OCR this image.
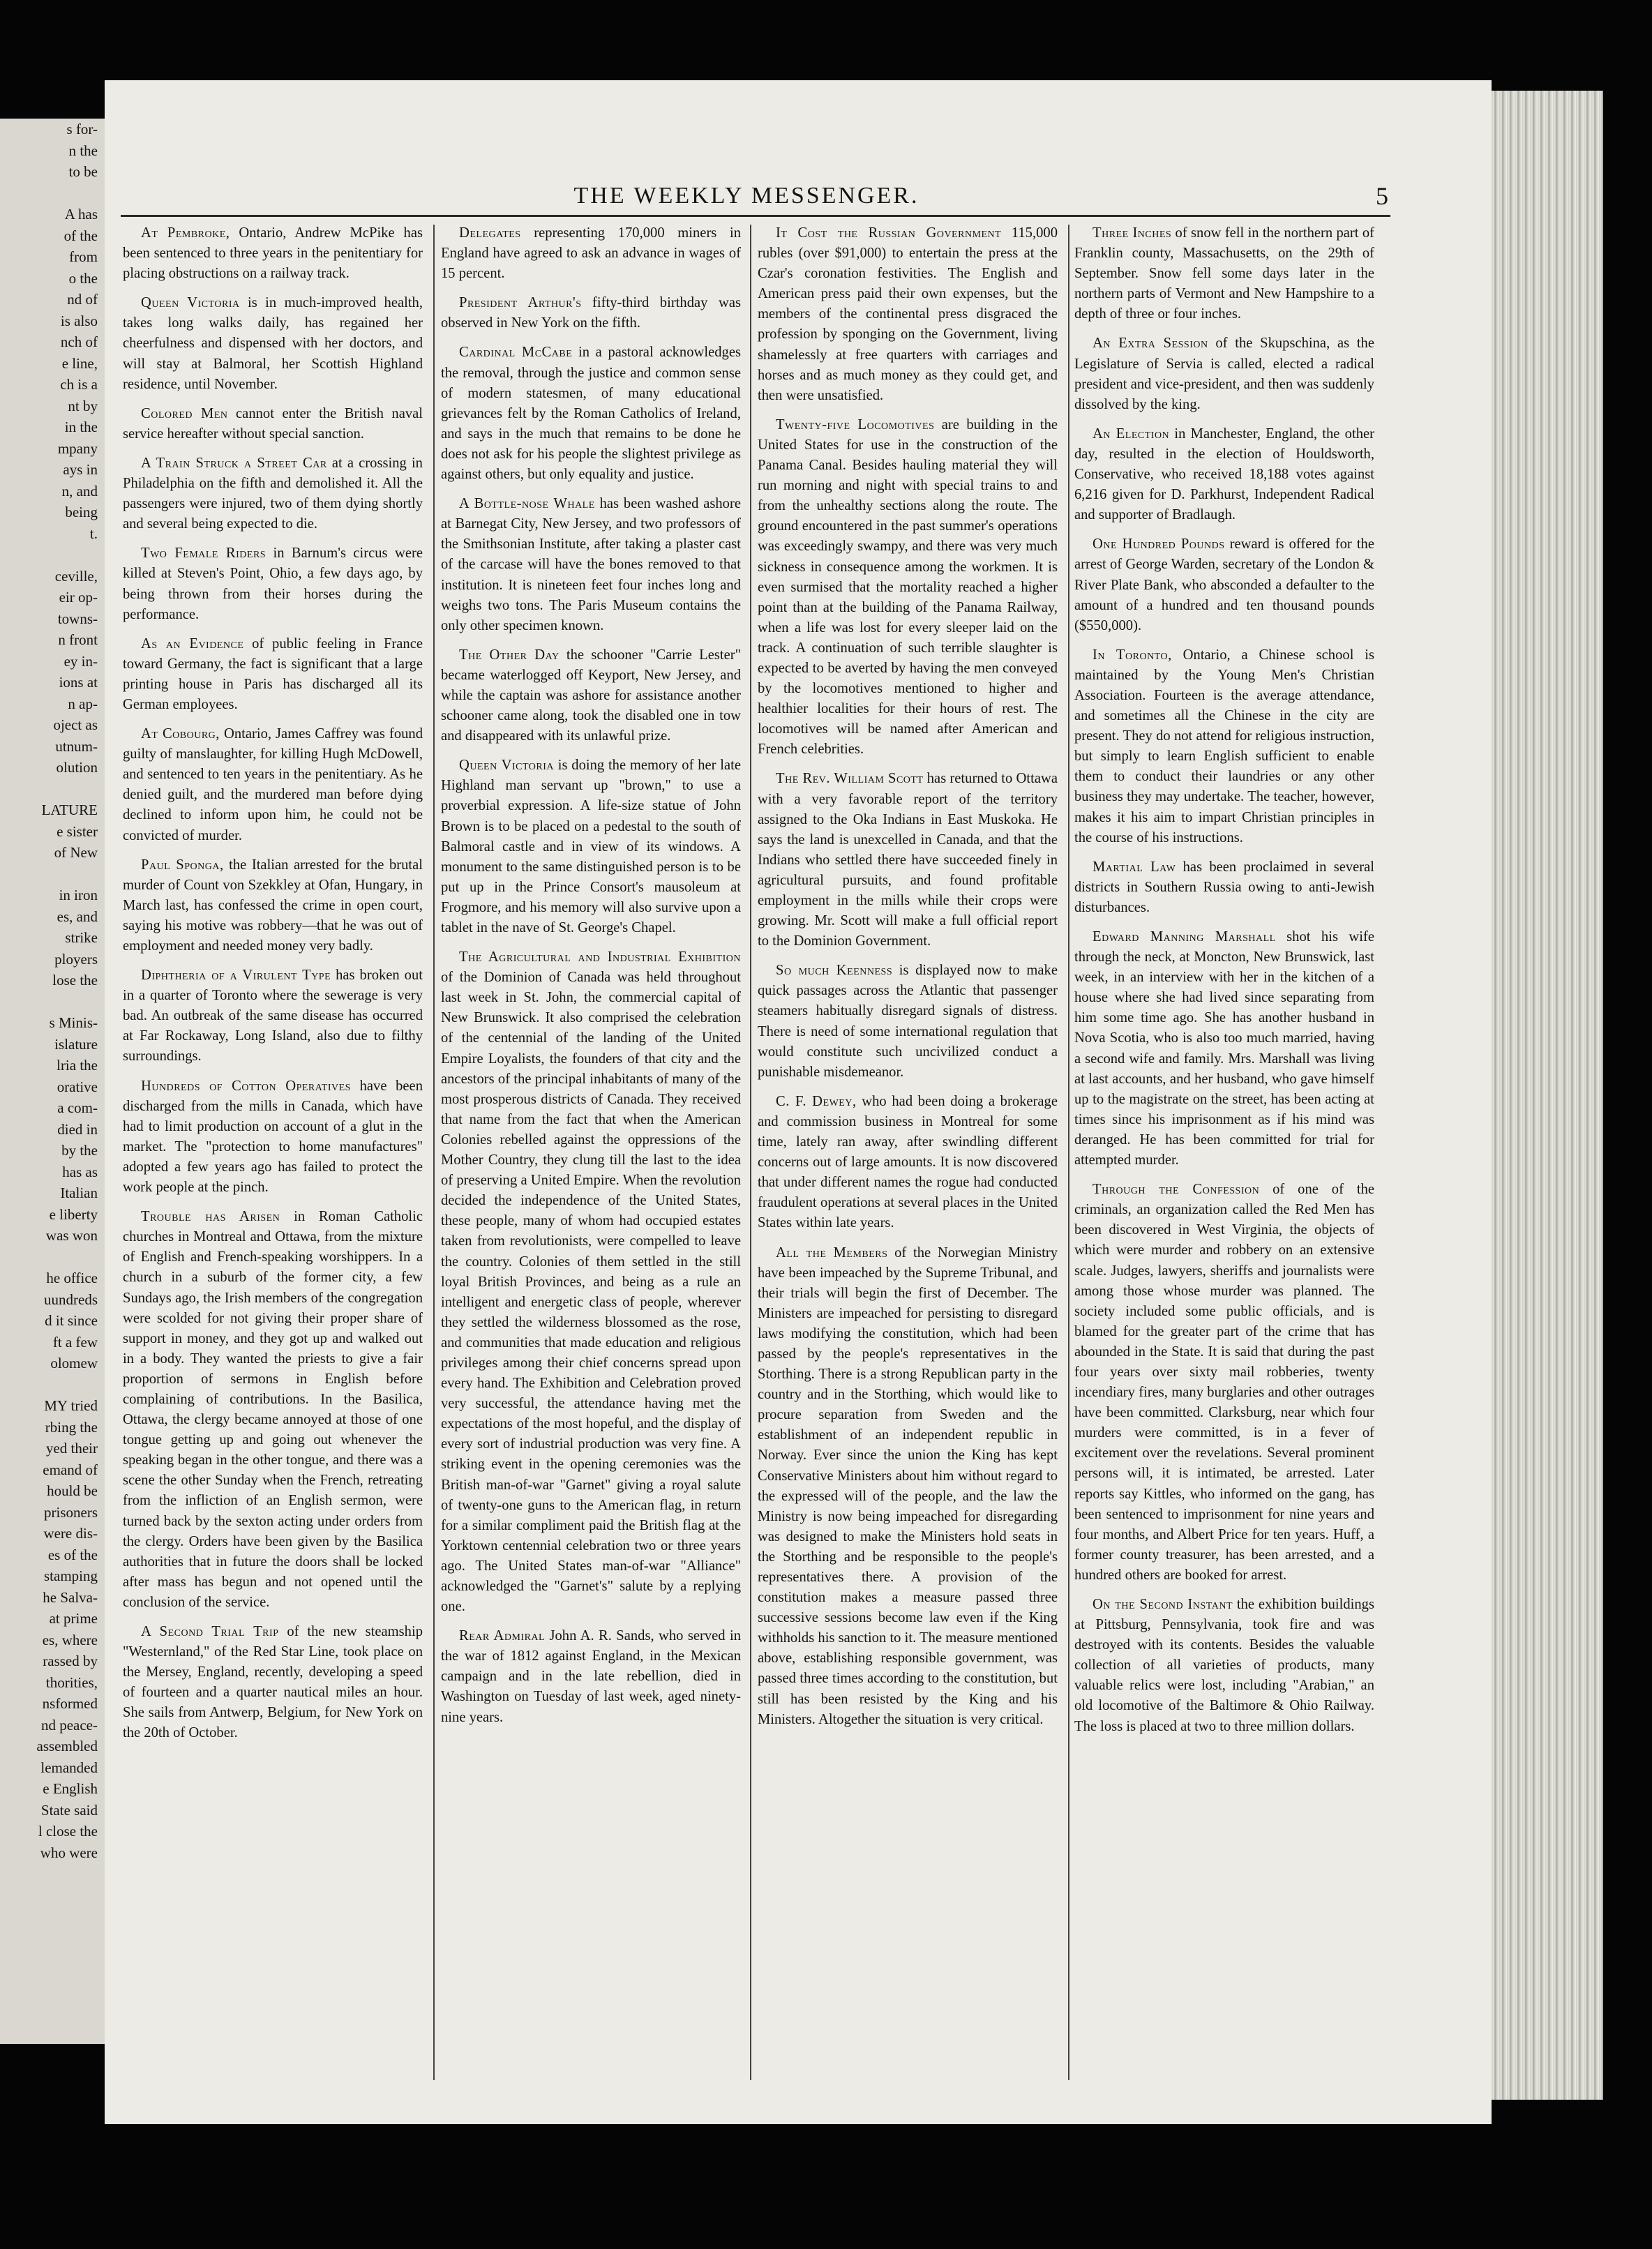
s for-
n the
to be

A has
of the
from
o the
nd of
is also
nch of
e line,
ch is a
nt by
in the
mpany
ays in
n, and
being
t.

ceville,
eir op-
towns-
n front
ey in-
ions at
n ap-
oject as
utnum-
olution

LATURE
e sister
of New

in iron
es, and
strike
ployers
lose the

s Minis-
islature
lria the
orative
a com-
died in
by the
has as
Italian
e liberty
was won

he office
uundreds
d it since
ft a few
olomew

MY tried
rbing the
yed their
emand of
hould be
prisoners
were dis-
es of the
stamping
he Salva-
at prime
es, where
rassed by
thorities,
nsformed
nd peace-
assembled
lemanded
e English
State said
l close the
who were
THE WEEKLY MESSENGER.	5

At Pembroke, Ontario, Andrew McPike has been sentenced to three years in the penitentiary for placing obstructions on a railway track.

Queen Victoria is in much-improved health, takes long walks daily, has regained her cheerfulness and dispensed with her doctors, and will stay at Balmoral, her Scottish Highland residence, until November.

Colored Men cannot enter the British naval service hereafter without special sanction.

A Train Struck a Street Car at a crossing in Philadelphia on the fifth and demolished it. All the passengers were injured, two of them dying shortly and several being expected to die.

Two Female Riders in Barnum's circus were killed at Steven's Point, Ohio, a few days ago, by being thrown from their horses during the performance.

As an Evidence of public feeling in France toward Germany, the fact is significant that a large printing house in Paris has discharged all its German employees.

At Cobourg, Ontario, James Caffrey was found guilty of manslaughter, for killing Hugh McDowell, and sentenced to ten years in the penitentiary. As he denied guilt, and the murdered man before dying declined to inform upon him, he could not be convicted of murder.

Paul Sponga, the Italian arrested for the brutal murder of Count von Szekkley at Ofan, Hungary, in March last, has confessed the crime in open court, saying his motive was robbery—that he was out of employment and needed money very badly.

Diphtheria of a Virulent Type has broken out in a quarter of Toronto where the sewerage is very bad. An outbreak of the same disease has occurred at Far Rockaway, Long Island, also due to filthy surroundings.

Hundreds of Cotton Operatives have been discharged from the mills in Canada, which have had to limit production on account of a glut in the market. The "protection to home manufactures" adopted a few years ago has failed to protect the work people at the pinch.

Trouble has Arisen in Roman Catholic churches in Montreal and Ottawa, from the mixture of English and French-speaking worshippers. In a church in a suburb of the former city, a few Sundays ago, the Irish members of the congregation were scolded for not giving their proper share of support in money, and they got up and walked out in a body. They wanted the priests to give a fair proportion of sermons in English before complaining of contributions. In the Basilica, Ottawa, the clergy became annoyed at those of one tongue getting up and going out whenever the speaking began in the other tongue, and there was a scene the other Sunday when the French, retreating from the infliction of an English sermon, were turned back by the sexton acting under orders from the clergy. Orders have been given by the Basilica authorities that in future the doors shall be locked after mass has begun and not opened until the conclusion of the service.

A Second Trial Trip of the new steamship "Westernland," of the Red Star Line, took place on the Mersey, England, recently, developing a speed of fourteen and a quarter nautical miles an hour. She sails from Antwerp, Belgium, for New York on the 20th of October.

Delegates representing 170,000 miners in England have agreed to ask an advance in wages of 15 percent.

President Arthur's fifty-third birthday was observed in New York on the fifth.

Cardinal McCabe in a pastoral acknowledges the removal, through the justice and common sense of modern statesmen, of many educational grievances felt by the Roman Catholics of Ireland, and says in the much that remains to be done he does not ask for his people the slightest privilege as against others, but only equality and justice.

A Bottle-nose Whale has been washed ashore at Barnegat City, New Jersey, and two professors of the Smithsonian Institute, after taking a plaster cast of the carcase will have the bones removed to that institution. It is nineteen feet four inches long and weighs two tons. The Paris Museum contains the only other specimen known.

The Other Day the schooner "Carrie Lester" became waterlogged off Keyport, New Jersey, and while the captain was ashore for assistance another schooner came along, took the disabled one in tow and disappeared with its unlawful prize.

Queen Victoria is doing the memory of her late Highland man servant up "brown," to use a proverbial expression. A life-size statue of John Brown is to be placed on a pedestal to the south of Balmoral castle and in view of its windows. A monument to the same distinguished person is to be put up in the Prince Consort's mausoleum at Frogmore, and his memory will also survive upon a tablet in the nave of St. George's Chapel.

The Agricultural and Industrial Exhibition of the Dominion of Canada was held throughout last week in St. John, the commercial capital of New Brunswick. It also comprised the celebration of the centennial of the landing of the United Empire Loyalists, the founders of that city and the ancestors of the principal inhabitants of many of the most prosperous districts of Canada. They received that name from the fact that when the American Colonies rebelled against the oppressions of the Mother Country, they clung till the last to the idea of preserving a United Empire. When the revolution decided the independence of the United States, these people, many of whom had occupied estates taken from revolutionists, were compelled to leave the country. Colonies of them settled in the still loyal British Provinces, and being as a rule an intelligent and energetic class of people, wherever they settled the wilderness blossomed as the rose, and communities that made education and religious privileges among their chief concerns spread upon every hand. The Exhibition and Celebration proved very successful, the attendance having met the expectations of the most hopeful, and the display of every sort of industrial production was very fine. A striking event in the opening ceremonies was the British man-of-war "Garnet" giving a royal salute of twenty-one guns to the American flag, in return for a similar compliment paid the British flag at the Yorktown centennial celebration two or three years ago. The United States man-of-war "Alliance" acknowledged the "Garnet's" salute by a replying one.

Rear Admiral John A. R. Sands, who served in the war of 1812 against England, in the Mexican campaign and in the late rebellion, died in Washington on Tuesday of last week, aged ninety-nine years.

It Cost the Russian Government 115,000 rubles (over $91,000) to entertain the press at the Czar's coronation festivities. The English and American press paid their own expenses, but the members of the continental press disgraced the profession by sponging on the Government, living shamelessly at free quarters with carriages and horses and as much money as they could get, and then were unsatisfied.

Twenty-five Locomotives are building in the United States for use in the construction of the Panama Canal. Besides hauling material they will run morning and night with special trains to and from the unhealthy sections along the route. The ground encountered in the past summer's operations was exceedingly swampy, and there was very much sickness in consequence among the workmen. It is even surmised that the mortality reached a higher point than at the building of the Panama Railway, when a life was lost for every sleeper laid on the track. A continuation of such terrible slaughter is expected to be averted by having the men conveyed by the locomotives mentioned to higher and healthier localities for their hours of rest. The locomotives will be named after American and French celebrities.

The Rev. William Scott has returned to Ottawa with a very favorable report of the territory assigned to the Oka Indians in East Muskoka. He says the land is unexcelled in Canada, and that the Indians who settled there have succeeded finely in agricultural pursuits, and found profitable employment in the mills while their crops were growing. Mr. Scott will make a full official report to the Dominion Government.

So much Keenness is displayed now to make quick passages across the Atlantic that passenger steamers habitually disregard signals of distress. There is need of some international regulation that would constitute such uncivilized conduct a punishable misdemeanor.

C. F. Dewey, who had been doing a brokerage and commission business in Montreal for some time, lately ran away, after swindling different concerns out of large amounts. It is now discovered that under different names the rogue had conducted fraudulent operations at several places in the United States within late years.

All the Members of the Norwegian Ministry have been impeached by the Supreme Tribunal, and their trials will begin the first of December. The Ministers are impeached for persisting to disregard laws modifying the constitution, which had been passed by the people's representatives in the Storthing. There is a strong Republican party in the country and in the Storthing, which would like to procure separation from Sweden and the establishment of an independent republic in Norway. Ever since the union the King has kept Conservative Ministers about him without regard to the expressed will of the people, and the law the Ministry is now being impeached for disregarding was designed to make the Ministers hold seats in the Storthing and be responsible to the people's representatives there. A provision of the constitution makes a measure passed three successive sessions become law even if the King withholds his sanction to it. The measure mentioned above, establishing responsible government, was passed three times according to the constitution, but still has been resisted by the King and his Ministers. Altogether the situation is very critical.

Three Inches of snow fell in the northern part of Franklin county, Massachusetts, on the 29th of September. Snow fell some days later in the northern parts of Vermont and New Hampshire to a depth of three or four inches.

An Extra Session of the Skupschina, as the Legislature of Servia is called, elected a radical president and vice-president, and then was suddenly dissolved by the king.

An Election in Manchester, England, the other day, resulted in the election of Houldsworth, Conservative, who received 18,188 votes against 6,216 given for D. Parkhurst, Independent Radical and supporter of Bradlaugh.

One Hundred Pounds reward is offered for the arrest of George Warden, secretary of the London & River Plate Bank, who absconded a defaulter to the amount of a hundred and ten thousand pounds ($550,000).

In Toronto, Ontario, a Chinese school is maintained by the Young Men's Christian Association. Fourteen is the average attendance, and sometimes all the Chinese in the city are present. They do not attend for religious instruction, but simply to learn English sufficient to enable them to conduct their laundries or any other business they may undertake. The teacher, however, makes it his aim to impart Christian principles in the course of his instructions.

Martial Law has been proclaimed in several districts in Southern Russia owing to anti-Jewish disturbances.

Edward Manning Marshall shot his wife through the neck, at Moncton, New Brunswick, last week, in an interview with her in the kitchen of a house where she had lived since separating from him some time ago. She has another husband in Nova Scotia, who is also too much married, having a second wife and family. Mrs. Marshall was living at last accounts, and her husband, who gave himself up to the magistrate on the street, has been acting at times since his imprisonment as if his mind was deranged. He has been committed for trial for attempted murder.

Through the Confession of one of the criminals, an organization called the Red Men has been discovered in West Virginia, the objects of which were murder and robbery on an extensive scale. Judges, lawyers, sheriffs and journalists were among those whose murder was planned. The society included some public officials, and is blamed for the greater part of the crime that has abounded in the State. It is said that during the past four years over sixty mail robberies, twenty incendiary fires, many burglaries and other outrages have been committed. Clarksburg, near which four murders were committed, is in a fever of excitement over the revelations. Several prominent persons will, it is intimated, be arrested. Later reports say Kittles, who informed on the gang, has been sentenced to imprisonment for nine years and four months, and Albert Price for ten years. Huff, a former county treasurer, has been arrested, and a hundred others are booked for arrest.

On the Second Instant the exhibition buildings at Pittsburg, Pennsylvania, took fire and was destroyed with its contents. Besides the valuable collection of all varieties of products, many valuable relics were lost, including "Arabian," an old locomotive of the Baltimore & Ohio Railway. The loss is placed at two to three million dollars.
